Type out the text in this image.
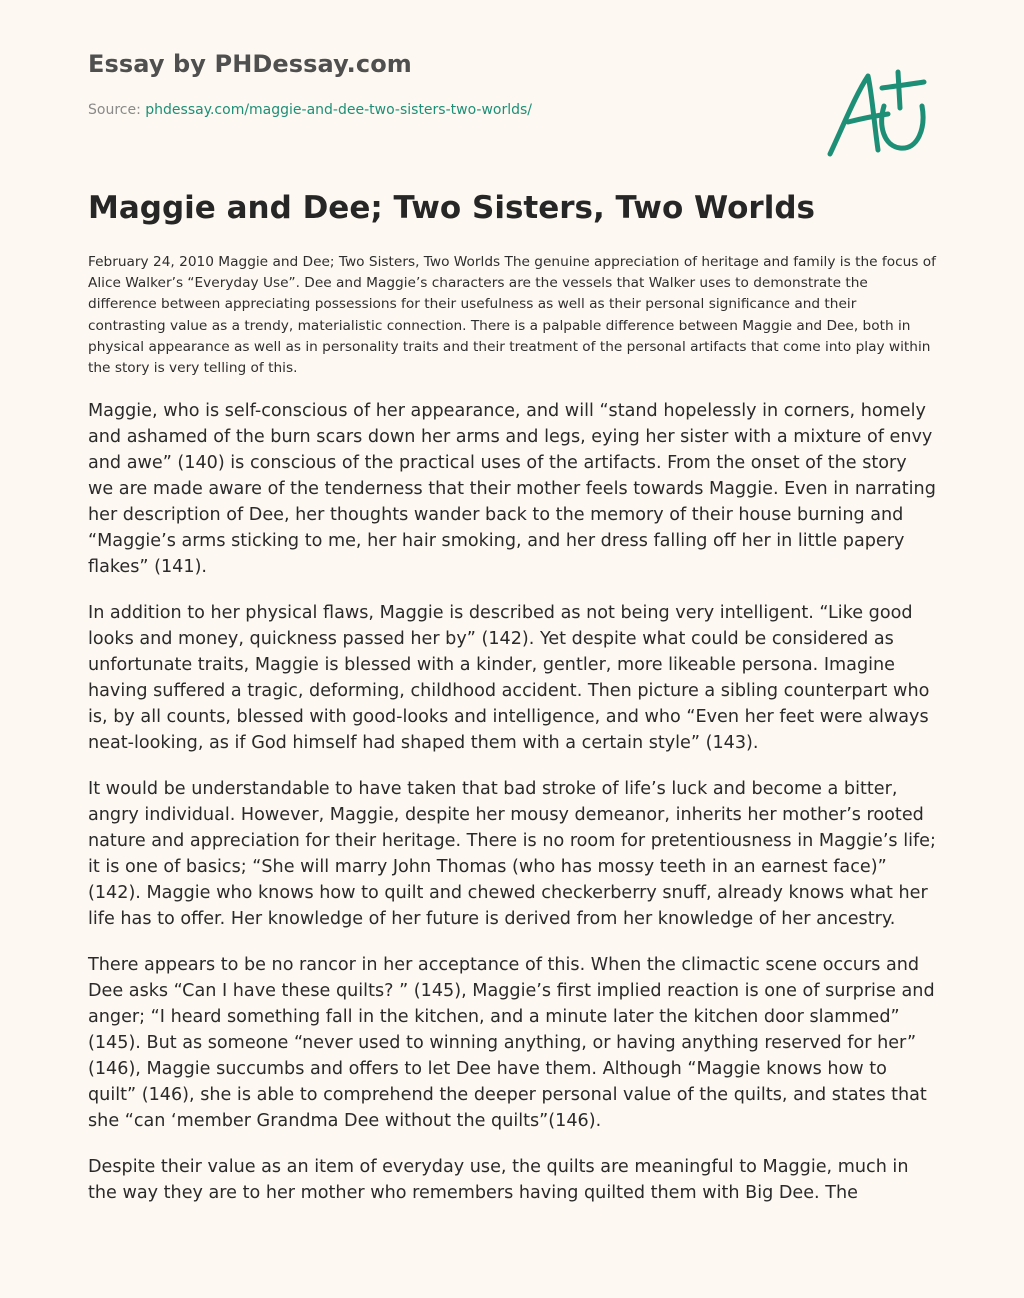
Essay by PHDessay.com
Source: phdessay.com/maggie-and-dee-two-sisters-two-worlds/
Maggie and Dee; Two Sisters, Two Worlds

February 24, 2010 Maggie and Dee; Two Sisters, Two Worlds The genuine appreciation of heritage and family is the focus of Alice Walker’s “Everyday Use”. Dee and Maggie’s characters are the vessels that Walker uses to demonstrate the difference between appreciating possessions for their usefulness as well as their personal significance and their contrasting value as a trendy, materialistic connection. There is a palpable difference between Maggie and Dee, both in physical appearance as well as in personality traits and their treatment of the personal artifacts that come into play within the story is very telling of this.

Maggie, who is self-conscious of her appearance, and will “stand hopelessly in corners, homely and ashamed of the burn scars down her arms and legs, eying her sister with a mixture of envy and awe” (140) is conscious of the practical uses of the artifacts. From the onset of the story we are made aware of the tenderness that their mother feels towards Maggie. Even in narrating her description of Dee, her thoughts wander back to the memory of their house burning and “Maggie’s arms sticking to me, her hair smoking, and her dress falling off her in little papery flakes” (141).

In addition to her physical flaws, Maggie is described as not being very intelligent. “Like good looks and money, quickness passed her by” (142). Yet despite what could be considered as unfortunate traits, Maggie is blessed with a kinder, gentler, more likeable persona. Imagine having suffered a tragic, deforming, childhood accident. Then picture a sibling counterpart who is, by all counts, blessed with good-looks and intelligence, and who “Even her feet were always neat-looking, as if God himself had shaped them with a certain style” (143).

It would be understandable to have taken that bad stroke of life’s luck and become a bitter, angry individual. However, Maggie, despite her mousy demeanor, inherits her mother’s rooted nature and appreciation for their heritage. There is no room for pretentiousness in Maggie’s life; it is one of basics; “She will marry John Thomas (who has mossy teeth in an earnest face)” (142). Maggie who knows how to quilt and chewed checkerberry snuff, already knows what her life has to offer. Her knowledge of her future is derived from her knowledge of her ancestry.

There appears to be no rancor in her acceptance of this. When the climactic scene occurs and Dee asks “Can I have these quilts? ” (145), Maggie’s first implied reaction is one of surprise and anger; “I heard something fall in the kitchen, and a minute later the kitchen door slammed” (145). But as someone “never used to winning anything, or having anything reserved for her” (146), Maggie succumbs and offers to let Dee have them. Although “Maggie knows how to quilt” (146), she is able to comprehend the deeper personal value of the quilts, and states that she “can ‘member Grandma Dee without the quilts”(146).

Despite their value as an item of everyday use, the quilts are meaningful to Maggie, much in the way they are to her mother who remembers having quilted them with Big Dee. The
